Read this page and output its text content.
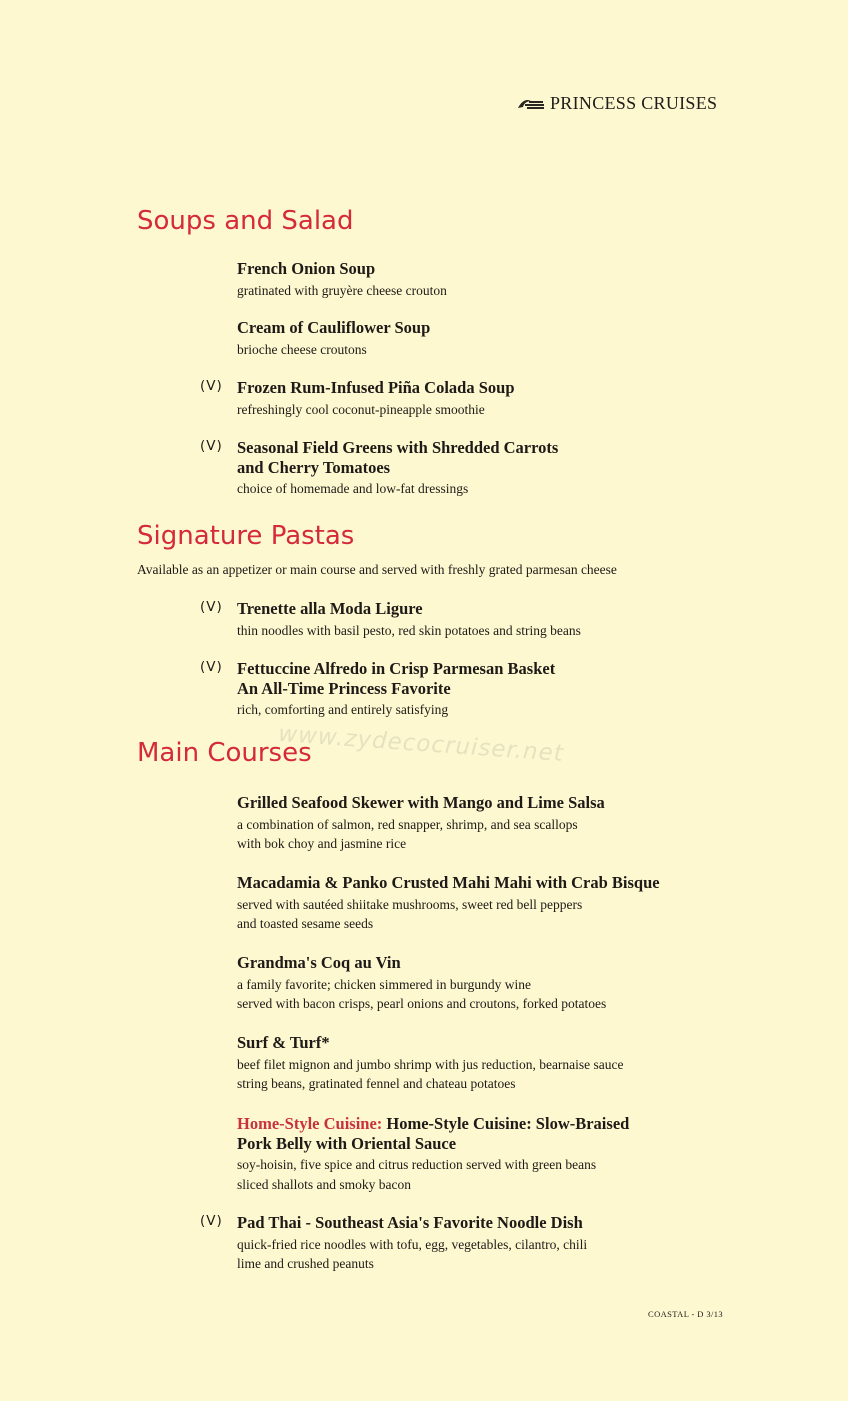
PRINCESS CRUISES
Soups and Salad
French Onion Soup
gratinated with gruyère cheese crouton
Cream of Cauliflower Soup
brioche cheese croutons
(V) Frozen Rum-Infused Piña Colada Soup
refreshingly cool coconut-pineapple smoothie
(V) Seasonal Field Greens with Shredded Carrots
and Cherry Tomatoes
choice of homemade and low-fat dressings
Signature Pastas
Available as an appetizer or main course and served with freshly grated parmesan cheese
(V) Trenette alla Moda Ligure
thin noodles with basil pesto, red skin potatoes and string beans
(V) Fettuccine Alfredo in Crisp Parmesan Basket
An All-Time Princess Favorite
rich, comforting and entirely satisfying
Main Courses
www.zydecocruiser.net
Grilled Seafood Skewer with Mango and Lime Salsa
a combination of salmon, red snapper, shrimp, and sea scallops
with bok choy and jasmine rice
Macadamia & Panko Crusted Mahi Mahi with Crab Bisque
served with sautéed shiitake mushrooms, sweet red bell peppers
and toasted sesame seeds
Grandma's Coq au Vin
a family favorite; chicken simmered in burgundy wine
served with bacon crisps, pearl onions and croutons, forked potatoes
Surf & Turf*
beef filet mignon and jumbo shrimp with jus reduction, bearnaise sauce
string beans, gratinated fennel and chateau potatoes
Home-Style Cuisine: Home-Style Cuisine: Slow-Braised
Pork Belly with Oriental Sauce
soy-hoisin, five spice and citrus reduction served with green beans
sliced shallots and smoky bacon
(V) Pad Thai - Southeast Asia's Favorite Noodle Dish
quick-fried rice noodles with tofu, egg, vegetables, cilantro, chili
lime and crushed peanuts
COASTAL - D 3/13
